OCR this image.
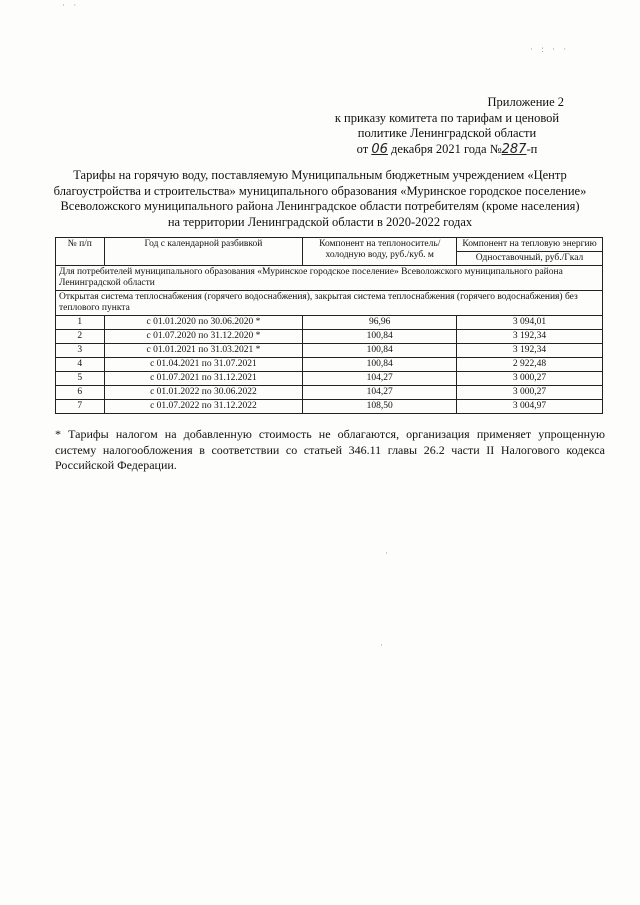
· ·
· : · ·
Приложение 2
к приказу комитета по тарифам и ценовой
политике Ленинградской области
от 06 декабря 2021 года №287-п
Тарифы на горячую воду, поставляемую Муниципальным бюджетным учреждением «Центр
благоустройства и строительства» муниципального образования «Муринское городское поселение»
Всеволожского муниципального района Ленинградское области потребителям (кроме населения)
на территории Ленинградской области в 2020-2022 годах
№ п/п	Год с календарной разбивкой	Компонент на теплоноситель/ холодную воду, руб./куб. м	Компонент на тепловую энергию
			Одноставочный, руб./Гкал
Для потребителей муниципального образования «Муринское городское поселение» Всеволожского муниципального района Ленинградской области			
Открытая система теплоснабжения (горячего водоснабжения), закрытая система теплоснабжения (горячего водоснабжения) без теплового пункта			
1	с 01.01.2020 по 30.06.2020 *	96,96	3 094,01
2	с 01.07.2020 по 31.12.2020 *	100,84	3 192,34
3	с 01.01.2021 по 31.03.2021 *	100,84	3 192,34
4	с 01.04.2021 по 31.07.2021	100,84	2 922,48
5	с 01.07.2021 по 31.12.2021	104,27	3 000,27
6	с 01.01.2022 по 30.06.2022	104,27	3 000,27
7	с 01.07.2022 по 31.12.2022	108,50	3 004,97
* Тарифы налогом на добавленную стоимость не облагаются, организация применяет упрощенную систему налогообложения в соответствии со статьей 346.11 главы 26.2 части II Налогового кодекса Российской Федерации.
·
·
